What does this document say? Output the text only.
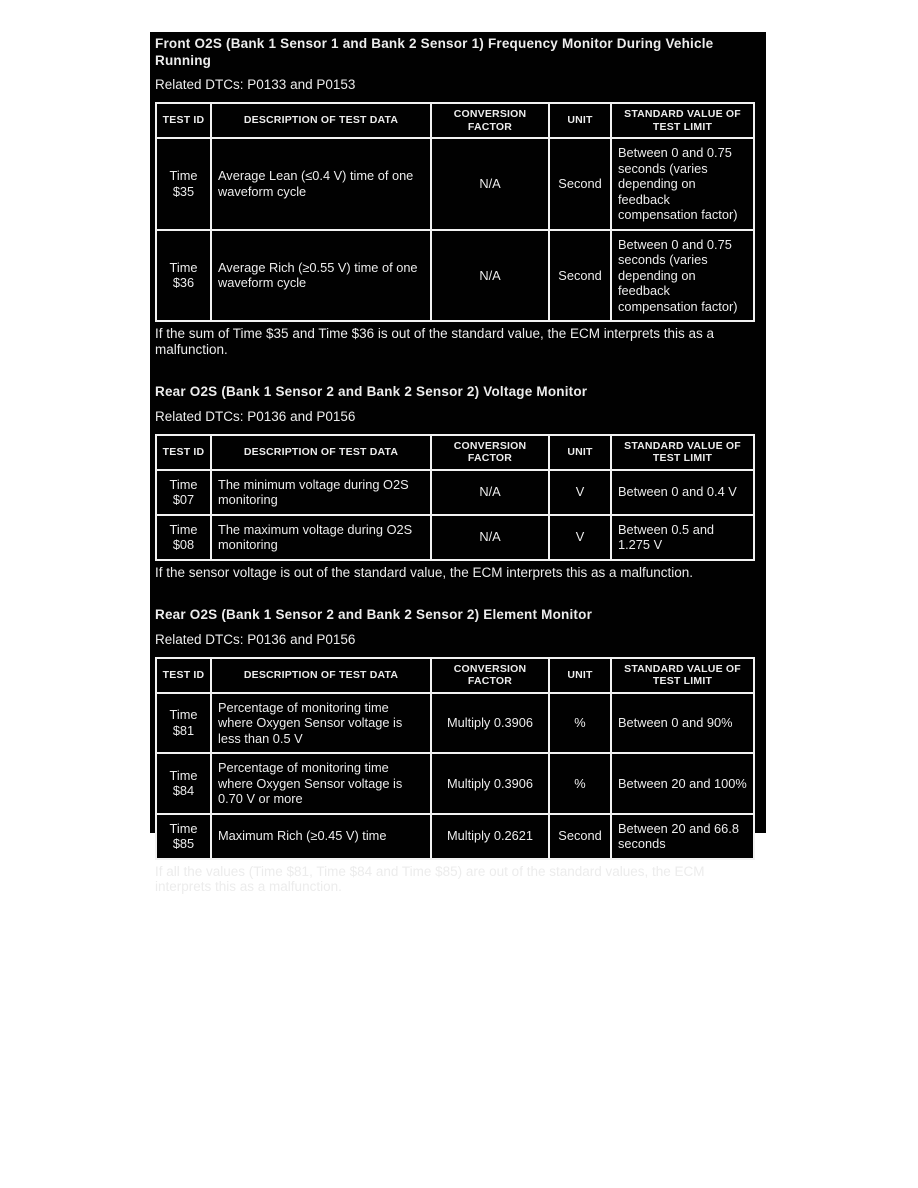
Front O2S (Bank 1 Sensor 1 and Bank 2 Sensor 1) Frequency Monitor During Vehicle Running
Related DTCs: P0133 and P0153
TEST ID	DESCRIPTION OF TEST DATA	CONVERSION FACTOR	UNIT	STANDARD VALUE OF TEST LIMIT
Time $35	Average Lean (≤0.4 V) time of one waveform cycle	N/A	Second	Between 0 and 0.75 seconds (varies depending on feedback compensation factor)
Time $36	Average Rich (≥0.55 V) time of one waveform cycle	N/A	Second	Between 0 and 0.75 seconds (varies depending on feedback compensation factor)
If the sum of Time $35 and Time $36 is out of the standard value, the ECM interprets this as a malfunction.
Rear O2S (Bank 1 Sensor 2 and Bank 2 Sensor 2) Voltage Monitor
Related DTCs: P0136 and P0156
TEST ID	DESCRIPTION OF TEST DATA	CONVERSION FACTOR	UNIT	STANDARD VALUE OF TEST LIMIT
Time $07	The minimum voltage during O2S monitoring	N/A	V	Between 0 and 0.4 V
Time $08	The maximum voltage during O2S monitoring	N/A	V	Between 0.5 and 1.275 V
If the sensor voltage is out of the standard value, the ECM interprets this as a malfunction.
Rear O2S (Bank 1 Sensor 2 and Bank 2 Sensor 2) Element Monitor
Related DTCs: P0136 and P0156
TEST ID	DESCRIPTION OF TEST DATA	CONVERSION FACTOR	UNIT	STANDARD VALUE OF TEST LIMIT
Time $81	Percentage of monitoring time where Oxygen Sensor voltage is less than 0.5 V	Multiply 0.3906	%	Between 0 and 90%
Time $84	Percentage of monitoring time where Oxygen Sensor voltage is 0.70 V or more	Multiply 0.3906	%	Between 20 and 100%
Time $85	Maximum Rich (≥0.45 V) time	Multiply 0.2621	Second	Between 20 and 66.8 seconds
If all the values (Time $81, Time $84 and Time $85) are out of the standard values, the ECM interprets this as a malfunction.
